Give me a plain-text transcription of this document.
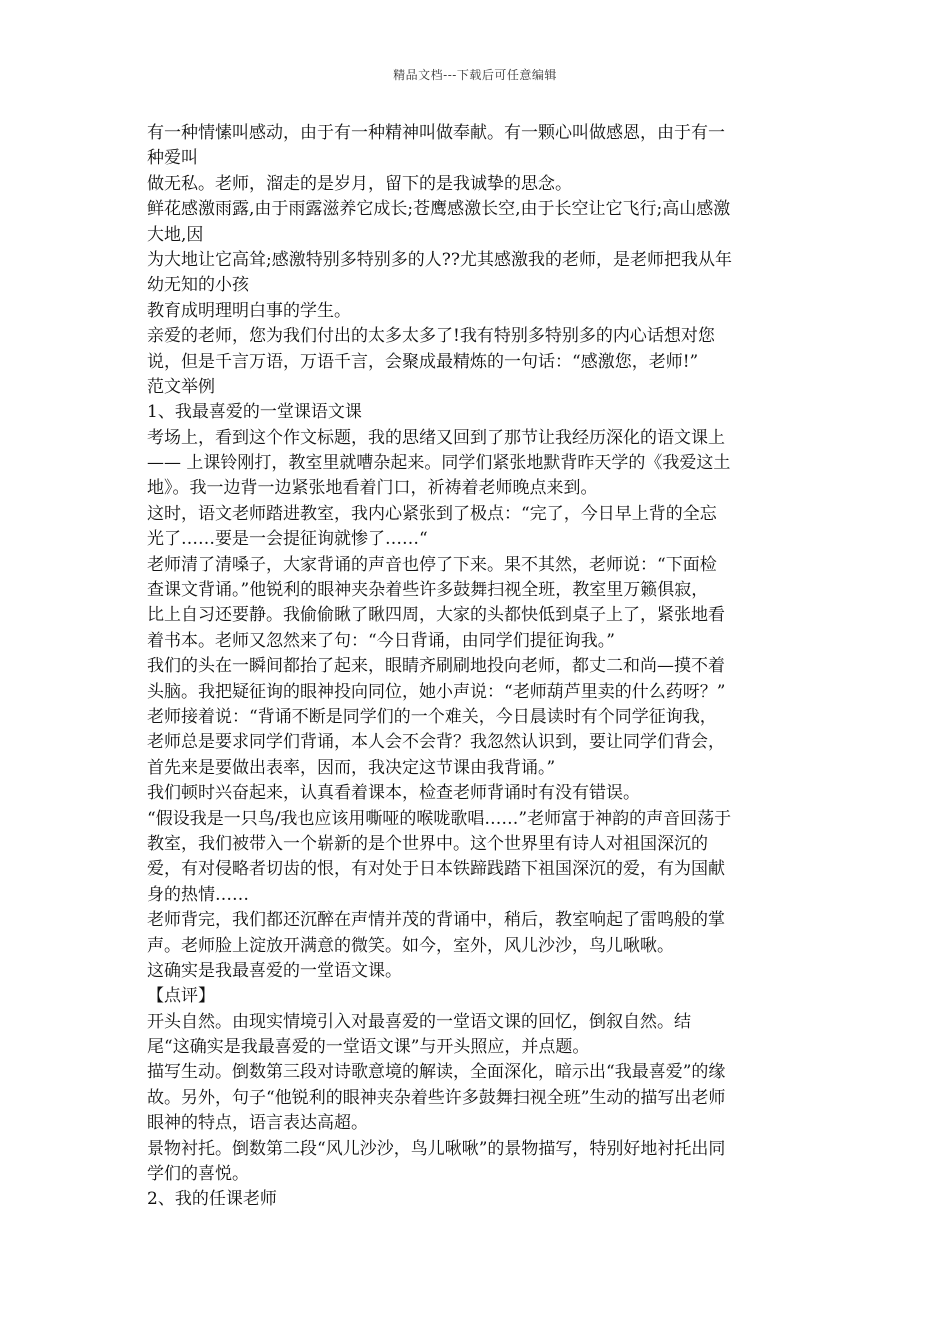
精品文档---下载后可任意编辑
有一种情愫叫感动，由于有一种精神叫做奉献。有一颗心叫做感恩，由于有一
种爱叫
做无私。老师，溜走的是岁月，留下的是我诚挚的思念。
鲜花感激雨露,由于雨露滋养它成长;苍鹰感激长空,由于长空让它飞行;高山感激
大地,因
为大地让它高耸;感激特别多特别多的人??尤其感激我的老师，是老师把我从年
幼无知的小孩
教育成明理明白事的学生。
亲爱的老师，您为我们付出的太多太多了!我有特别多特别多的内心话想对您
说，但是千言万语，万语千言，会聚成最精炼的一句话：“感激您，老师!”
范文举例
1、我最喜爱的一堂课语文课
考场上，看到这个作文标题，我的思绪又回到了那节让我经历深化的语文课上
—— 上课铃刚打，教室里就嘈杂起来。同学们紧张地默背昨天学的《我爱这土
地》。我一边背一边紧张地看着门口，祈祷着老师晚点来到。
这时，语文老师踏进教室，我内心紧张到了极点：“完了，今日早上背的全忘
光了……要是一会提征询就惨了……“
老师清了清嗓子，大家背诵的声音也停了下来。果不其然，老师说：“下面检
查课文背诵。”他锐利的眼神夹杂着些许多鼓舞扫视全班，教室里万籁俱寂，
比上自习还要静。我偷偷瞅了瞅四周，大家的头都快低到桌子上了，紧张地看
着书本。老师又忽然来了句：“今日背诵，由同学们提征询我。”
我们的头在一瞬间都抬了起来，眼睛齐刷刷地投向老师，都丈二和尚—摸不着
头脑。我把疑征询的眼神投向同位，她小声说：“老师葫芦里卖的什么药呀？”
老师接着说：“背诵不断是同学们的一个难关，今日晨读时有个同学征询我，
老师总是要求同学们背诵，本人会不会背？我忽然认识到，要让同学们背会，
首先来是要做出表率，因而，我决定这节课由我背诵。”
我们顿时兴奋起来，认真看着课本，检查老师背诵时有没有错误。
“假设我是一只鸟/我也应该用嘶哑的喉咙歌唱……”老师富于神韵的声音回荡于
教室，我们被带入一个崭新的是个世界中。这个世界里有诗人对祖国深沉的
爱，有对侵略者切齿的恨，有对处于日本铁蹄践踏下祖国深沉的爱，有为国献
身的热情……
老师背完，我们都还沉醉在声情并茂的背诵中，稍后，教室响起了雷鸣般的掌
声。老师脸上淀放开满意的微笑。如今，室外，风儿沙沙，鸟儿啾啾。
这确实是我最喜爱的一堂语文课。
【点评】
开头自然。由现实情境引入对最喜爱的一堂语文课的回忆，倒叙自然。结
尾“这确实是我最喜爱的一堂语文课”与开头照应，并点题。
描写生动。倒数第三段对诗歌意境的解读，全面深化，暗示出“我最喜爱”的缘
故。另外，句子“他锐利的眼神夹杂着些许多鼓舞扫视全班”生动的描写出老师
眼神的特点，语言表达高超。
景物衬托。倒数第二段“风儿沙沙，鸟儿啾啾”的景物描写，特别好地衬托出同
学们的喜悦。
2、我的任课老师
